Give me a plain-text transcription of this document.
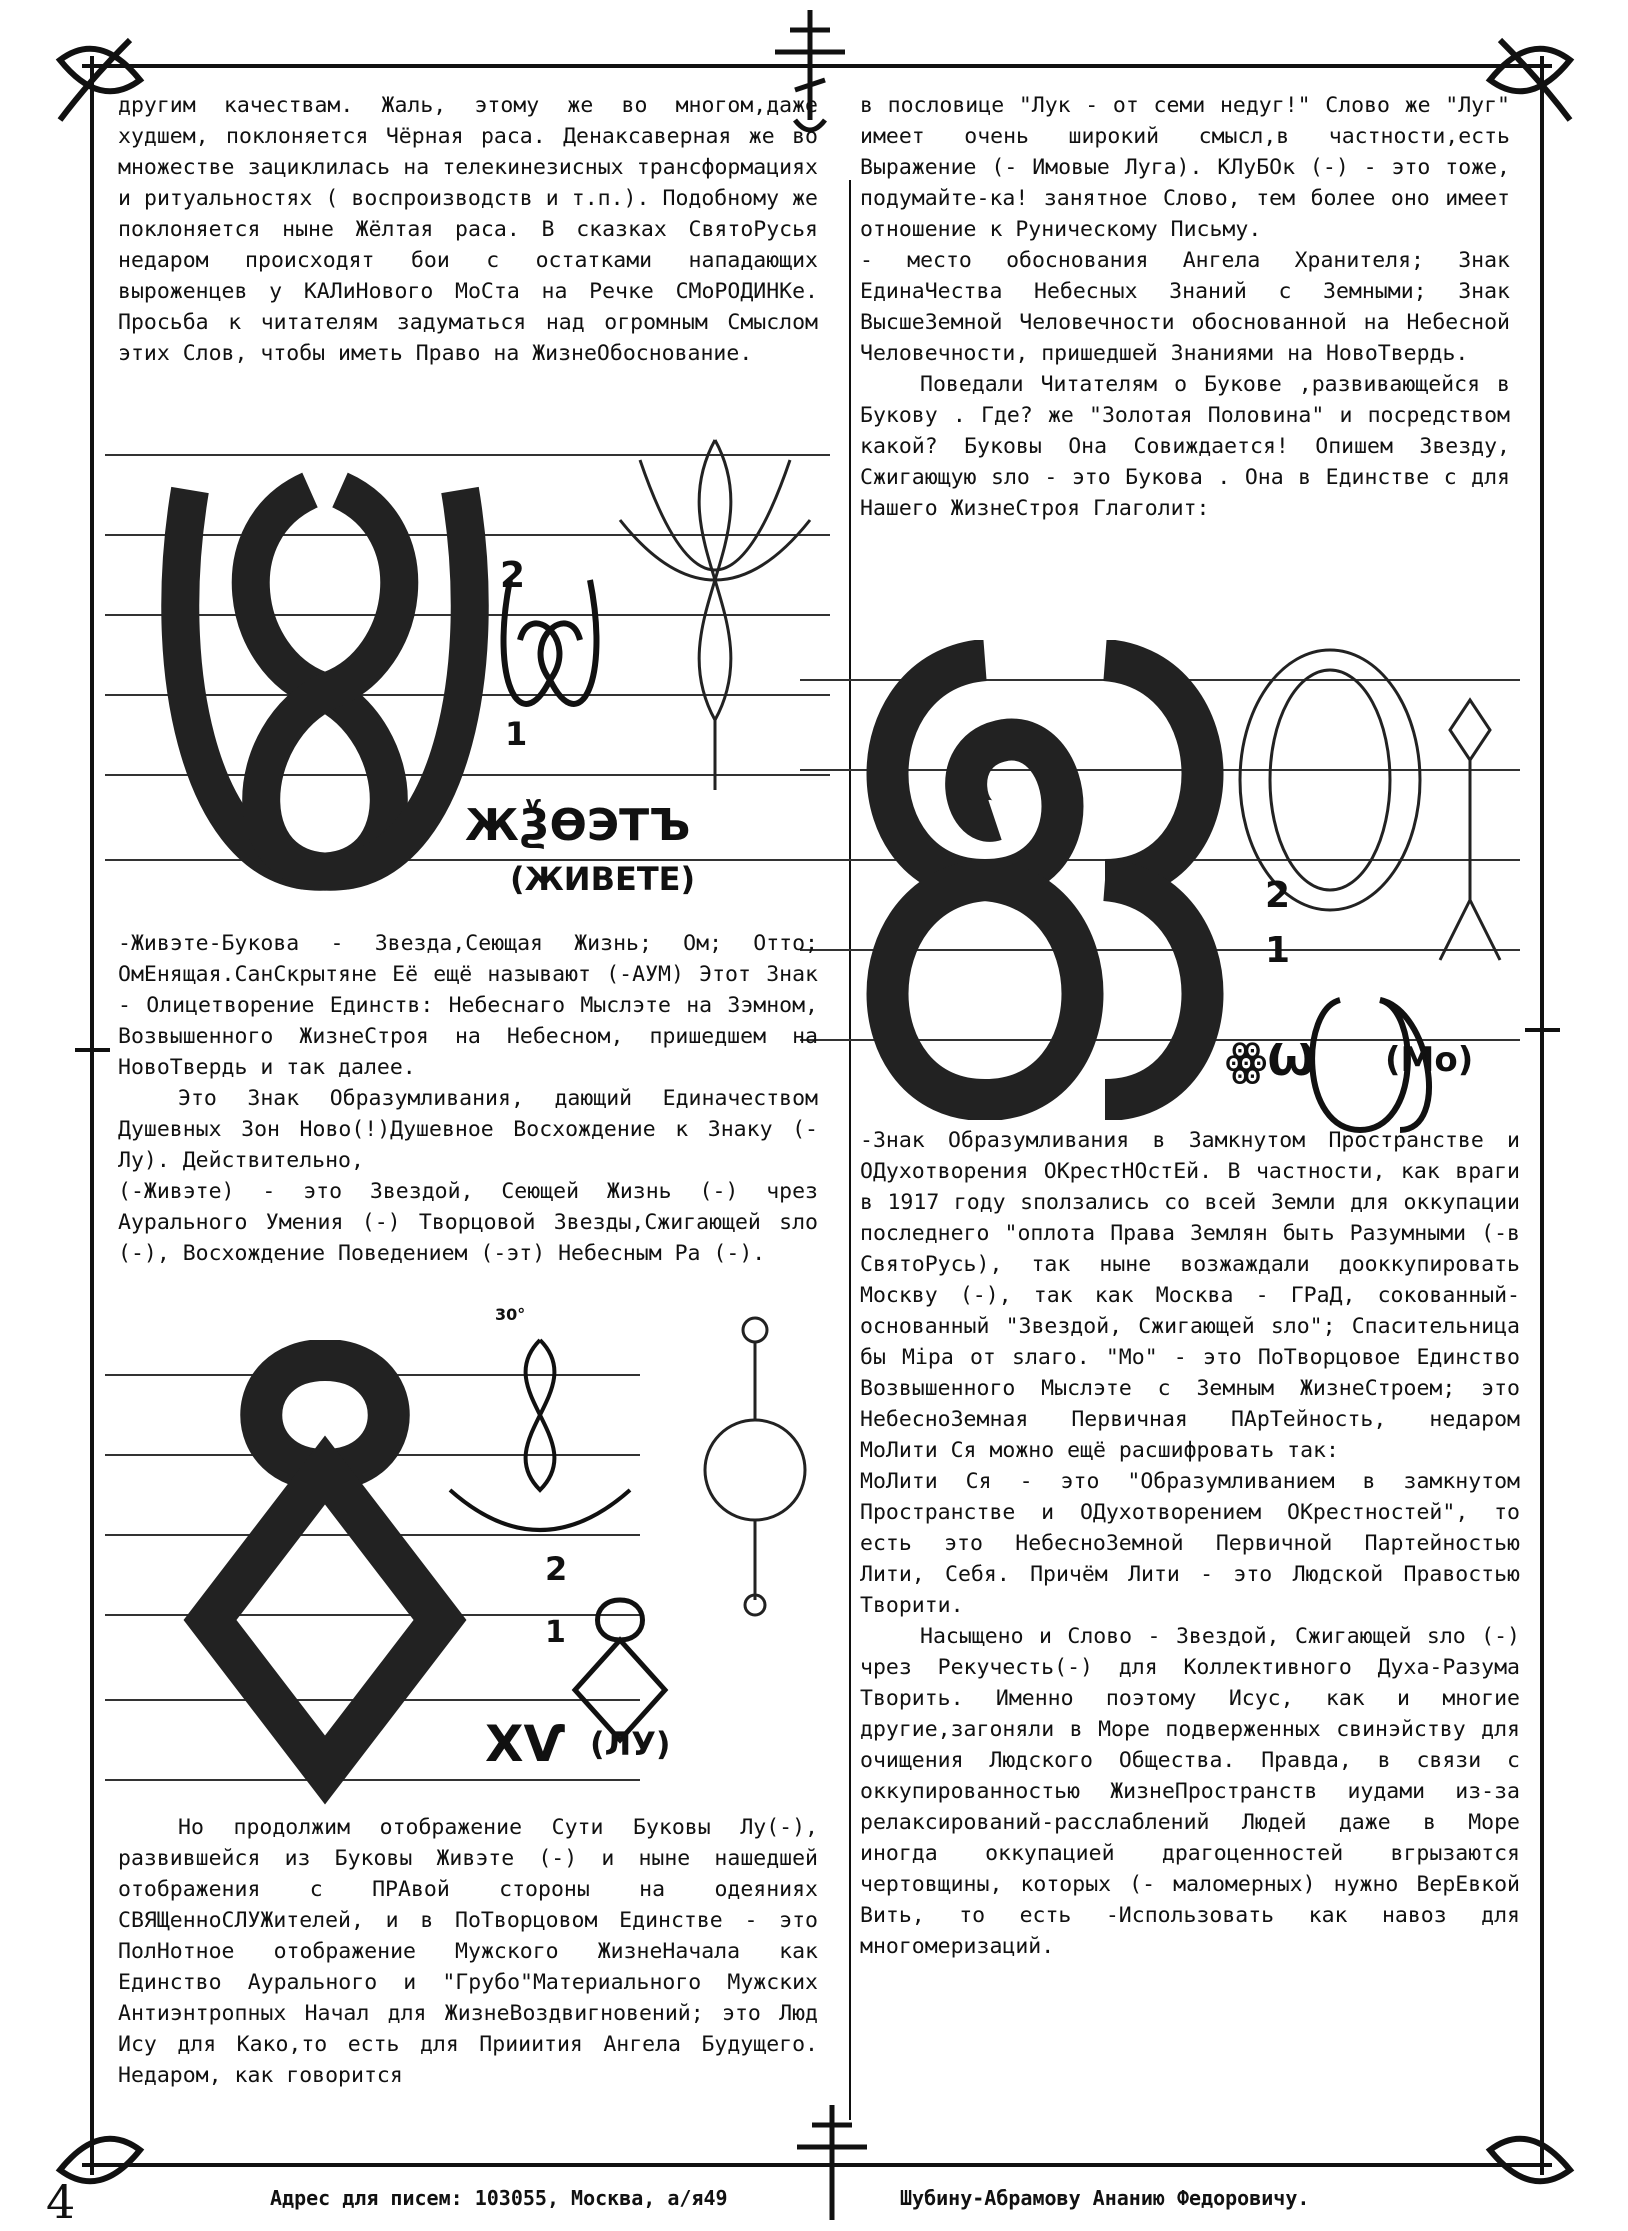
(ЖИВЕТЕ)
ЖѮѲЭТЪ
ꙮѠ (Мо)
ХѴ (ЛУ)
2
1
2
1
2
1
30°

другим качествам. Жаль, этому же во многом,даже худшем, поклоняется Чёрная раса. Денаксаверная же во множестве зациклилась на телекинезисных трансформациях и ритуальностях ( воспроизводств и т.п.). Подобному же поклоняется ныне Жёлтая раса. В сказках СвятоРусья недаром происходят бои с остатками нападающих выроженцев у КАЛиНового МоСта на Речке СМоРОДИНКе. Просьба к читателям задуматься над огромным Смыслом этих Слов, чтобы иметь Право на ЖизнеОбоснование.

-Живэте-Букова - Звезда,Сеющая Жизнь; Ом; Отто; ОмЕнящая.СанСкрытяне Её ещё называют (-АУМ) Этот Знак - Олицетворение Единств: Небеснаго Мыслэте на Зэмном, Возвышенного ЖизнеСтроя на Небесном, пришедшем на НовоТвердь и так далее.

Это Знак Образумливания, дающий Единачеством Душевных Зон Ново(!)Душевное Восхождение к Знаку (-Лу). Действительно,

(-Живэте) - это Звездой, Сеющей Жизнь (-) чрез Аурального Умения (-) Творцовой Звезды,Сжигающей sлo (-), Восхождение Поведением (-эт) Небесным Ра (-).

Но продолжим отображение Сути Буковы Лу(-), развившейся из Буковы Живэте (-) и ныне нашедшей отображения с ПРАвой стороны на одеяниях СВЯЩенноСЛУЖителей, и в ПоТворцовом Единстве - это ПолНотное отображение Мужского ЖизнеНачала как Единство Аурального и "Грубо"Материального Мужских Антиэнтропных Начал для ЖизнеВоздвигновений; это Люд Ису для Како,то есть для Прииития Ангела Будущего. Недаром, как говорится

в пословице "Лук - от семи недуг!" Слово же "Луг" имеет очень широкий смысл,в частности,есть Выражение (- Имовые Луга). КЛуБОк (-) - это тоже, подумайте-ка! занятное Слово, тем более оно имеет отношение к Руническому Письму.

- место обоснования Ангела Хранителя; Знак ЕдинаЧества Небесных Знаний с Земными; Знак ВысшеЗемной Человечности обоснованной на Небесной Человечности, пришедшей Знаниями на НовоТвердь.

Поведали Читателям о Букове ,развивающейся в Букову . Где? же "Золотая Половина" и посредством какой? Буковы Она Совиждается! Опишем Звезду, Сжигающую sлo - это Букова . Она в Единстве с для Нашего ЖизнеСтроя Глаголит:

-Знак Образумливания в Замкнутом Пространстве и ОДухотворения ОКрестНОстЕй. В частности, как враги в 1917 году sползались со всей Земли для оккупации последнего "оплота Права Землян быть Разумными (-в СвятоРусь), так ныне возжаждали дооккупировать Москву (-), так как Москва - ГРаД, сокованный-основанный "Звездой, Сжигающей sлo"; Спасительница бы Міра от sлаго. "Мо" - это ПоТворцовое Единство Возвышенного Мыслэте с Земным ЖизнеСтроем; это НебесноЗемная Первичная ПАрТейность, недаром МоЛити Ся можно ещё расшифровать так:

МоЛити Ся - это "Образумливанием в замкнутом Пространстве и ОДухотворением ОКрестностей", то есть это НебесноЗемной Первичной Партейностью Лити, Себя. Причём Лити - это Людской Правостью Творити.

Насыщено и Слово - Звездой, Сжигающей sлo (-) чрез Рекучесть(-) для Коллективного Духа-Разума Творить. Именно поэтому Исус, как и многие другие,загоняли в Море подверженных свинэйству для очищения Людского Общества. Правда, в связи с оккупированностью ЖизнеПространств иудами из-за релаксирований-расслаблений Людей даже в Море иногда оккупацией драгоценностей вгрызаются чертовщины, которых (- маломерных) нужно ВерЕвкой Вить, то есть -Использовать как навоз для многомеризаций.

4	Адрес для писем: 103055, Москва, а/я49	Шубину-Абрамову Ананию Федоровичу.
